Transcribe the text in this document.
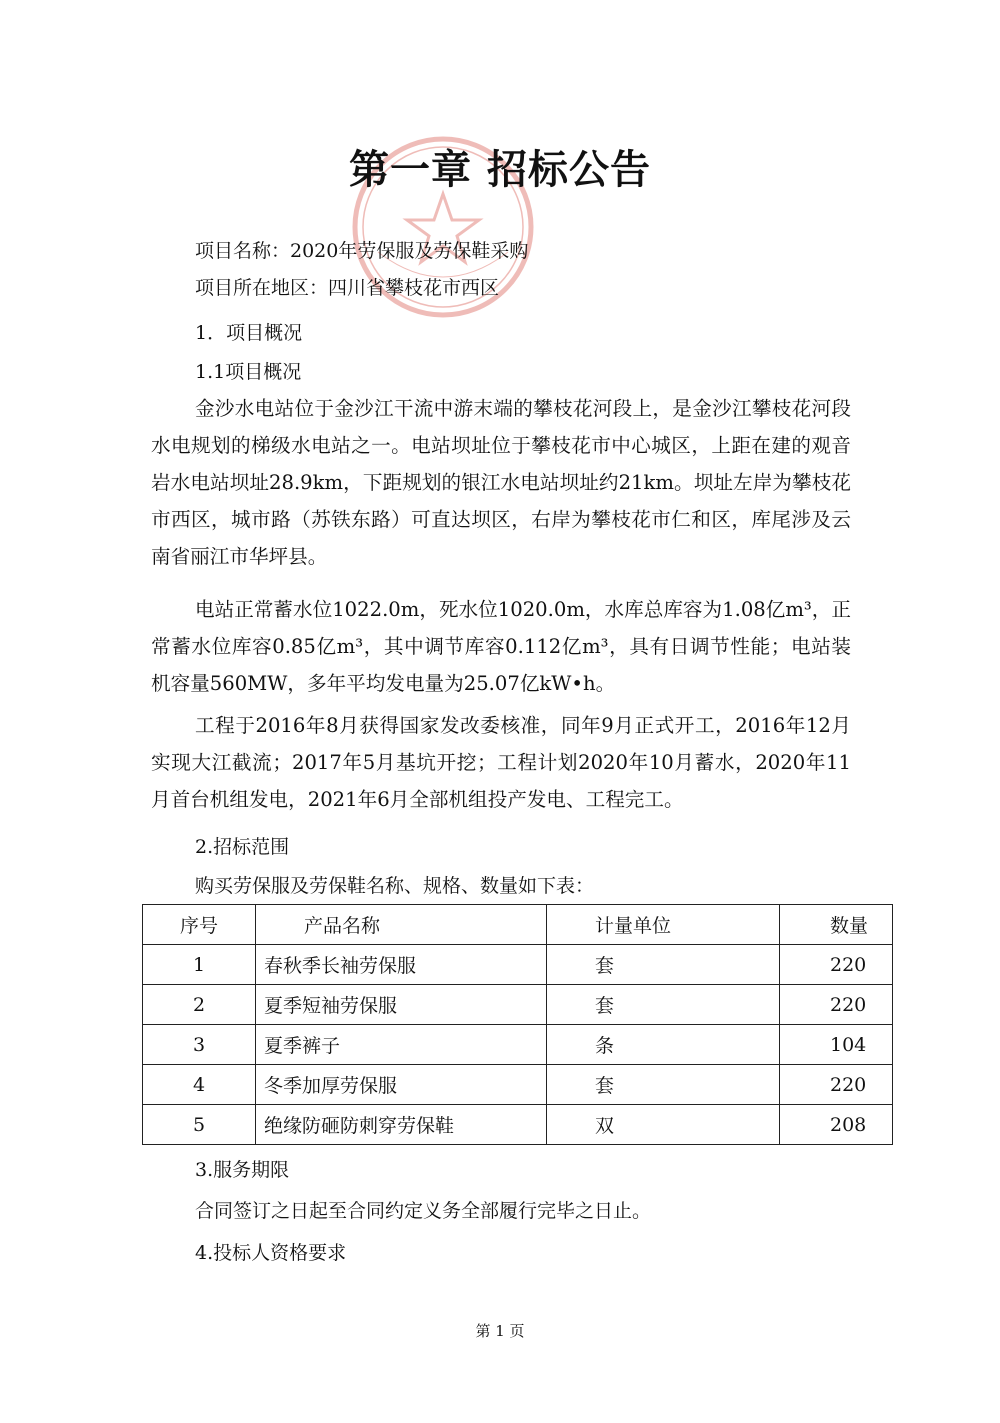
第一章 招标公告

项目名称：2020年劳保服及劳保鞋采购

项目所在地区：四川省攀枝花市西区

1．项目概况

1.1项目概况

金沙水电站位于金沙江干流中游末端的攀枝花河段上，是金沙江攀枝花河段水电规划的梯级水电站之一。电站坝址位于攀枝花市中心城区，上距在建的观音岩水电站坝址28.9km，下距规划的银江水电站坝址约21km。坝址左岸为攀枝花市西区，城市路（苏铁东路）可直达坝区，右岸为攀枝花市仁和区，库尾涉及云南省丽江市华坪县。

电站正常蓄水位1022.0m，死水位1020.0m，水库总库容为1.08亿m³，正常蓄水位库容0.85亿m³，其中调节库容0.112亿m³，具有日调节性能；电站装机容量560MW，多年平均发电量为25.07亿kW•h。

工程于2016年8月获得国家发改委核准，同年9月正式开工，2016年12月实现大江截流；2017年5月基坑开挖；工程计划2020年10月蓄水，2020年11月首台机组发电，2021年6月全部机组投产发电、工程完工。

2.招标范围

购买劳保服及劳保鞋名称、规格、数量如下表：

序号	产品名称	计量单位	数量
1	春秋季长袖劳保服	套	220
2	夏季短袖劳保服	套	220
3	夏季裤子	条	104
4	冬季加厚劳保服	套	220
5	绝缘防砸防刺穿劳保鞋	双	208

3.服务期限

合同签订之日起至合同约定义务全部履行完毕之日止。

4.投标人资格要求

第 1 页
